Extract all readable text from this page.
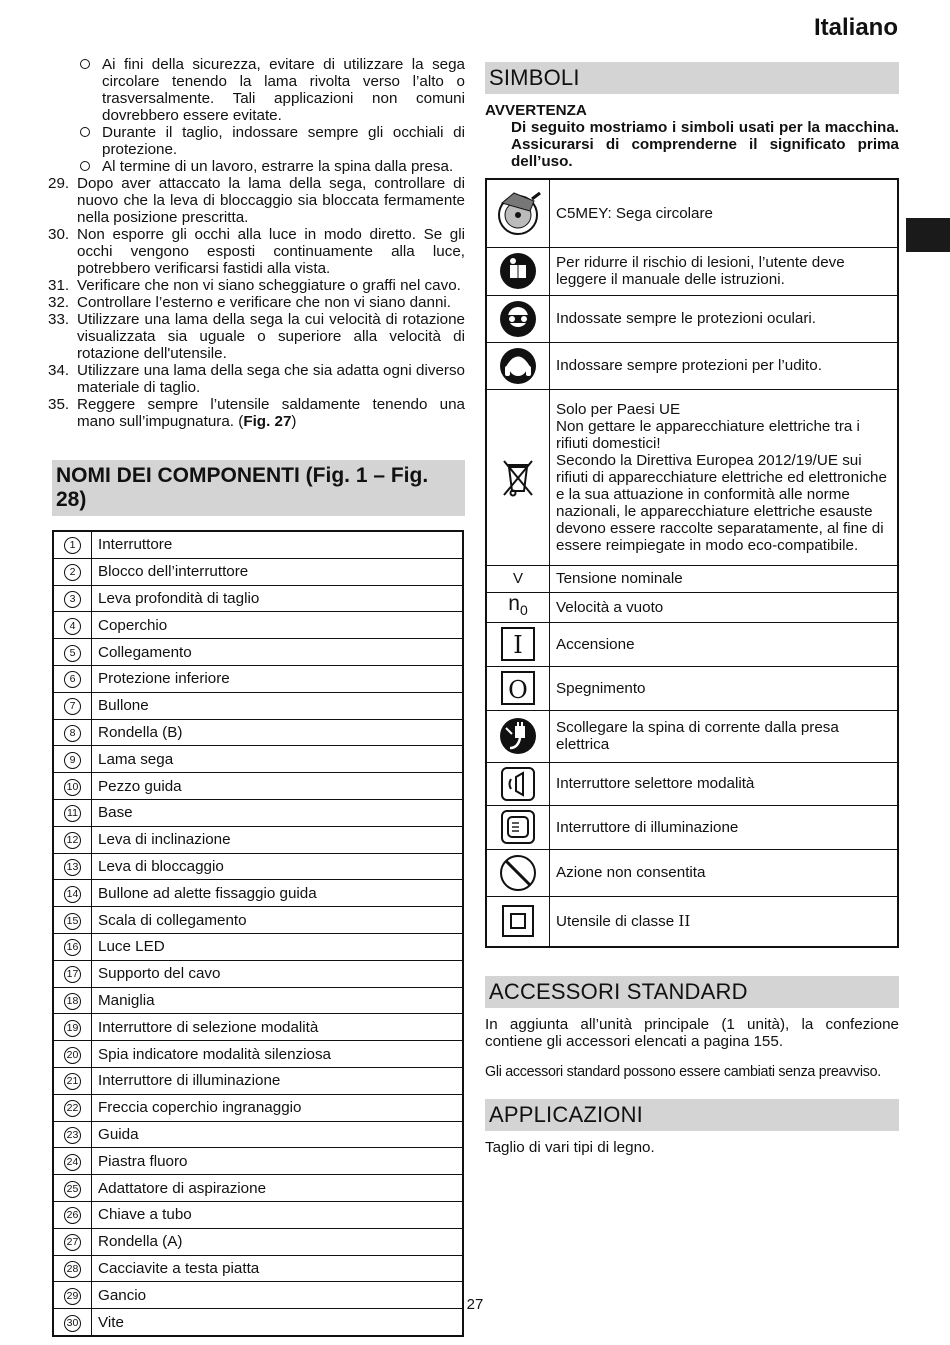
Italiano
Ai fini della sicurezza, evitare di utilizzare la sega circolare tenendo la lama rivolta verso l’alto o trasversalmente. Tali applicazioni non comuni dovrebbero essere evitate.
Durante il taglio, indossare sempre gli occhiali di protezione.
Al termine di un lavoro, estrarre la spina dalla presa.
29. Dopo aver attaccato la lama della sega, controllare di nuovo che la leva di bloccaggio sia bloccata fermamente nella posizione prescritta.
30. Non esporre gli occhi alla luce in modo diretto. Se gli occhi vengono esposti continuamente alla luce, potrebbero verificarsi fastidi alla vista.
31. Verificare che non vi siano scheggiature o graffi nel cavo.
32. Controllare l’esterno e verificare che non vi siano danni.
33. Utilizzare una lama della sega la cui velocità di rotazione visualizzata sia uguale o superiore alla velocità di rotazione dell'utensile.
34. Utilizzare una lama della sega che sia adatta ogni diverso materiale di taglio.
35. Reggere sempre l’utensile saldamente tenendo una mano sull’impugnatura. (Fig. 27)
NOMI DEI COMPONENTI (Fig. 1 – Fig. 28)
1	Interruttore
2	Blocco dell’interruttore
3	Leva profondità di taglio
4	Coperchio
5	Collegamento
6	Protezione inferiore
7	Bullone
8	Rondella (B)
9	Lama sega
10	Pezzo guida
11	Base
12	Leva di inclinazione
13	Leva di bloccaggio
14	Bullone ad alette fissaggio guida
15	Scala di collegamento
16	Luce LED
17	Supporto del cavo
18	Maniglia
19	Interruttore di selezione modalità
20	Spia indicatore modalità silenziosa
21	Interruttore di illuminazione
22	Freccia coperchio ingranaggio
23	Guida
24	Piastra fluoro
25	Adattatore di aspirazione
26	Chiave a tubo
27	Rondella (A)
28	Cacciavite a testa piatta
29	Gancio
30	Vite
SIMBOLI
AVVERTENZA
Di seguito mostriamo i simboli usati per la macchina. Assicurarsi di comprenderne il significato prima dell’uso.
	C5MEY: Sega circolare

	Per ridurre il rischio di lesioni, l’utente deve leggere il manuale delle istruzioni.

	Indossate sempre le protezioni oculari.

	Indossare sempre protezioni per l’udito.

	Solo per Paesi UE
Non gettare le apparecchiature elettriche tra i rifiuti domestici!
Secondo la Direttiva Europea 2012/19/UE sui rifiuti di apparecchiature elettriche ed elettroniche e la sua attuazione in conformità alle norme nazionali, le apparecchiature elettriche esauste devono essere raccolte separatamente, al fine di essere reimpiegate in modo eco-compatibile.
V	Tensione nominale
$n_0$	Velocità a vuoto

I	Accensione

O	Spegnimento

	Scollegare la spina di corrente dalla presa elettrica

	Interruttore selettore modalità

	Interruttore di illuminazione

	Azione non consentita

	Utensile di classe II
ACCESSORI STANDARD
In aggiunta all’unità principale (1 unità), la confezione contiene gli accessori elencati a pagina 155.
Gli accessori standard possono essere cambiati senza preavviso.
APPLICAZIONI
Taglio di vari tipi di legno.
27
